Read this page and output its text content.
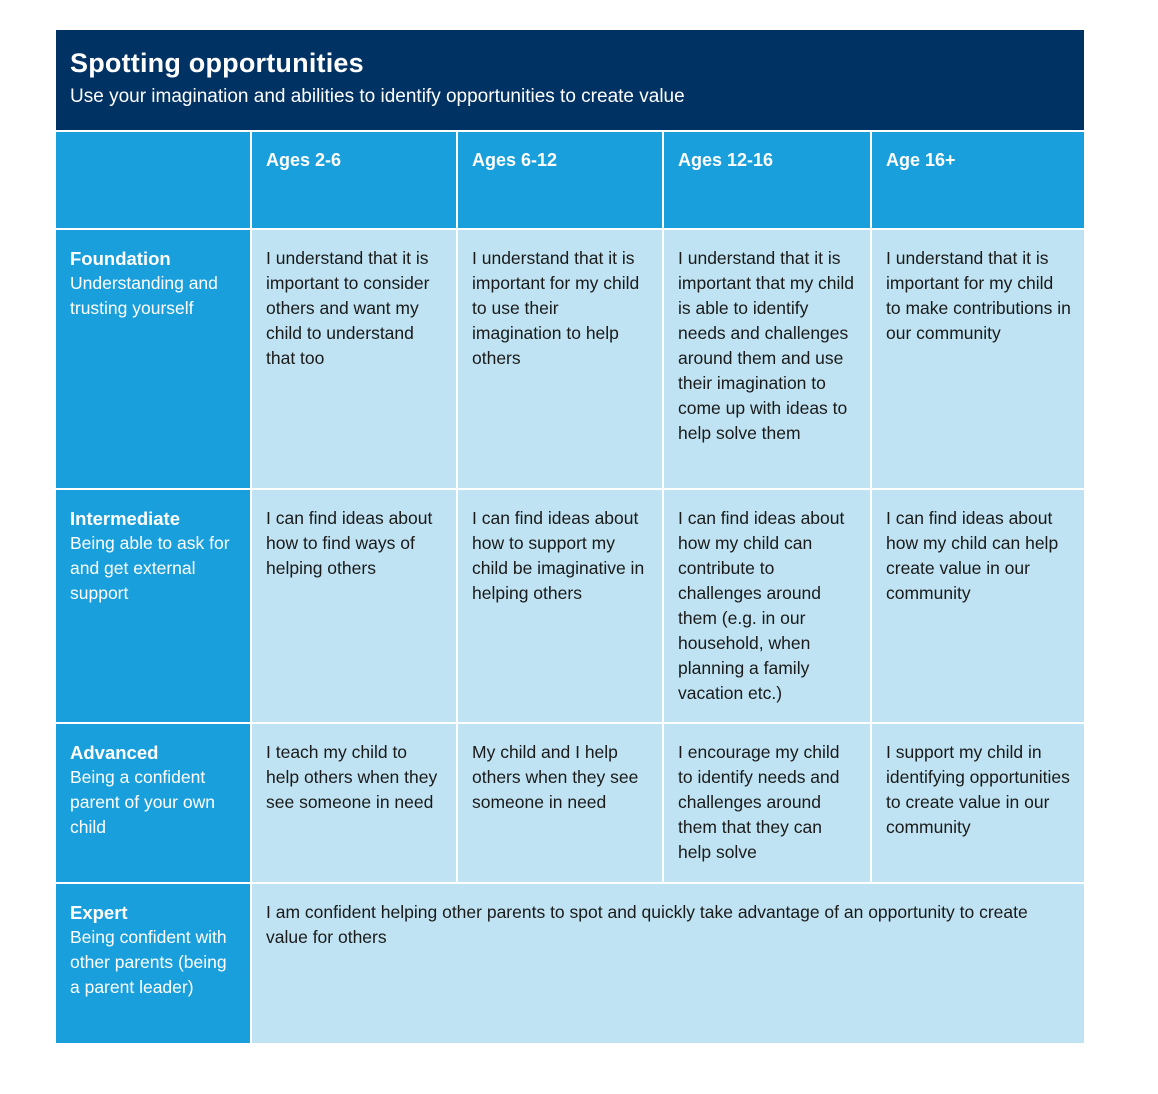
Spotting opportunities
Use your imagination and abilities to identify opportunities to create value
	Ages 2-6	Ages 6-12	Ages 12-16	Age 16+

Foundation
Understanding and trusting yourself	I understand that it is important to consider others and want my child to understand that too	I understand that it is important for my child to use their imagination to help others	I understand that it is important that my child is able to identify needs and challenges around them and use their imagination to come up with ideas to help solve them	I understand that it is important for my child to make contributions in our community

Intermediate
Being able to ask for and get external support	I can find ideas about how to find ways of helping others	I can find ideas about how to support my child be imaginative in helping others	I can find ideas about how my child can contribute to challenges around them (e.g. in our household, when planning a family vacation etc.)	I can find ideas about how my child can help create value in our community

Advanced
Being a confident parent of your own child	I teach my child to help others when they see someone in need	My child and I help others when they see someone in need	I encourage my child to identify needs and challenges around them that they can help solve	I support my child in identifying opportunities to create value in our community

Expert
Being confident with other parents (being a parent leader)	I am confident helping other parents to spot and quickly take advantage of an opportunity to create value for others			
